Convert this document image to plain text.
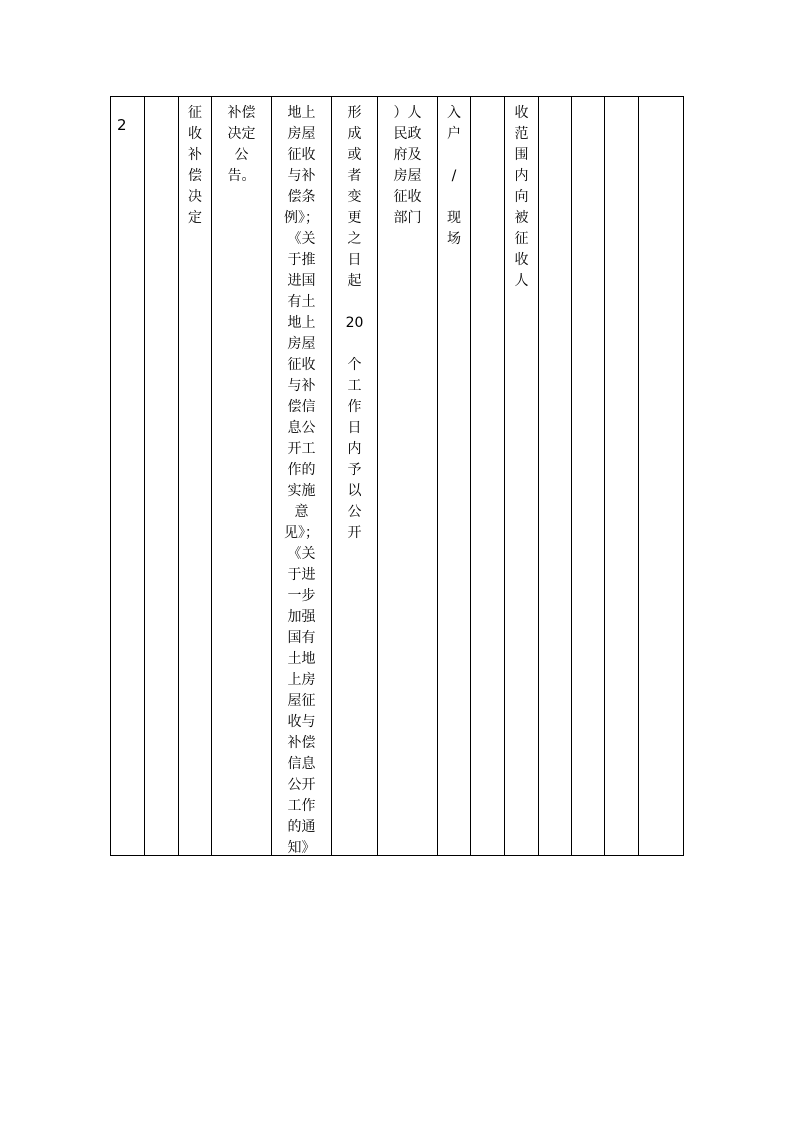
2
征
收
补
偿
决
定
补偿
决定
公
告。
地上
房屋
征收
与补
偿条
例》；
《关
于推
进国
有土
地上
房屋
征收
与补
偿信
息公
开工
作的
实施
意
见》；
《关
于进
一步
加强
国有
土地
上房
屋征
收与
补偿
信息
公开
工作
的通
知》
形
成
或
者
变
更
之
日
起

20

个
工
作
日
内
予
以
公
开
）人
民政
府及
房屋
征收
部门
入
户

/

现
场
收
范
围
内
向
被
征
收
人
